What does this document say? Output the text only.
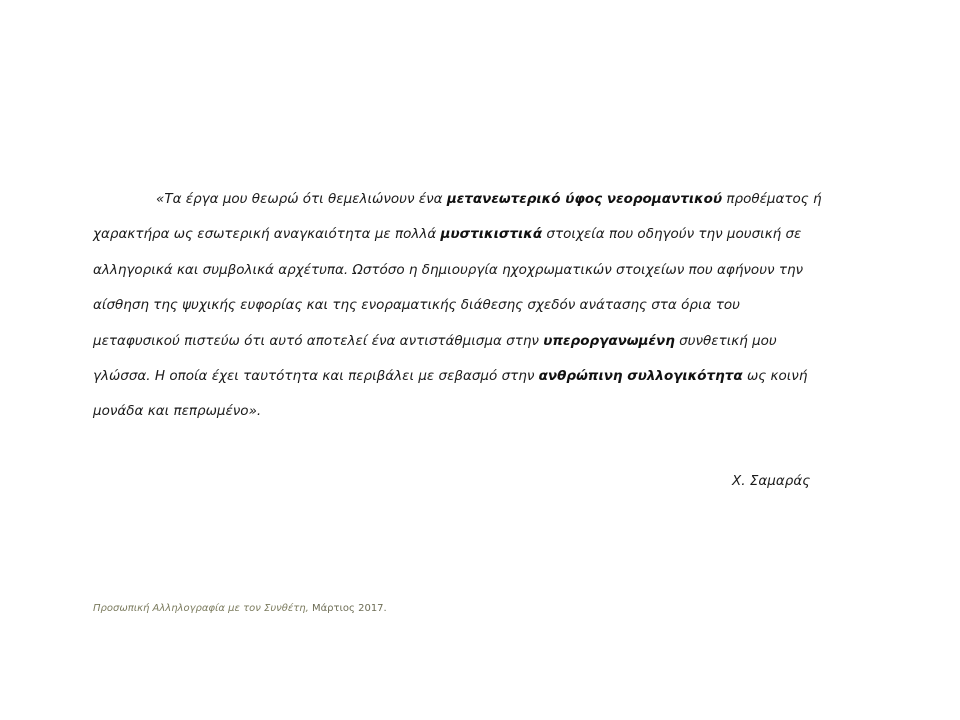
«Τα έργα μου θεωρώ ότι θεμελιώνουν ένα μετανεωτερικό ύφος νεορομαντικού προθέματος ή
χαρακτήρα ως εσωτερική αναγκαιότητα με πολλά μυστικιστικά στοιχεία που οδηγούν την μουσική σε
αλληγορικά και συμβολικά αρχέτυπα. Ωστόσο η δημιουργία ηχοχρωματικών στοιχείων που αφήνουν την
αίσθηση της ψυχικής ευφορίας και της ενοραματικής διάθεσης σχεδόν ανάτασης στα όρια του
μεταφυσικού πιστεύω ότι αυτό αποτελεί ένα αντιστάθμισμα στην υπεροργανωμένη συνθετική μου
γλώσσα. Η οποία έχει ταυτότητα και περιβάλει με σεβασμό στην ανθρώπινη συλλογικότητα ως κοινή
μονάδα και πεπρωμένο».
Χ. Σαμαράς
Προσωπική Αλληλογραφία με τον Συνθέτη, Μάρτιος 2017.
